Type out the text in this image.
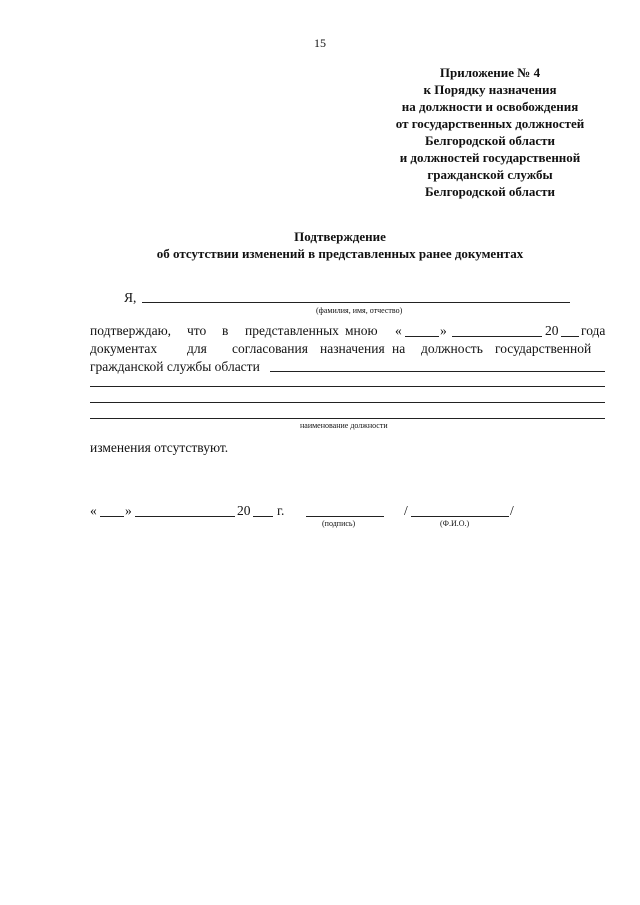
15
Приложение № 4
к Порядку назначения
на должности и освобождения
от государственных должностей
Белгородской области
и должностей государственной
гражданской службы
Белгородской области
Подтверждение
об отсутствии изменений в представленных ранее документах
Я,
(фамилия, имя, отчество)
подтверждаю, что в представленных мною «	»	20 года
документах для согласования назначения на должность государственной
гражданской службы области
наименование должности
изменения отсутствуют.
« »	20 г.
(подпись)
/	/
(Ф.И.О.)
